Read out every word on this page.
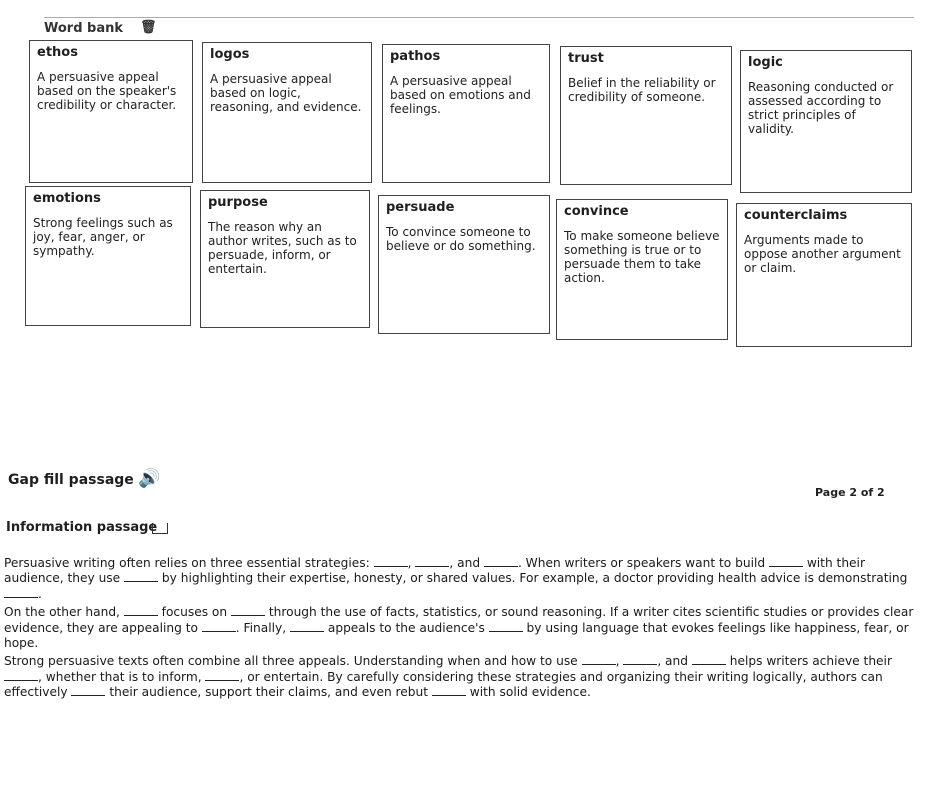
Word bank 🗑
ethos
A persuasive appeal based on the speaker's credibility or character.
logos
A persuasive appeal based on logic, reasoning, and evidence.
pathos
A persuasive appeal based on emotions and feelings.
trust
Belief in the reliability or credibility of someone.
logic
Reasoning conducted or assessed according to strict principles of validity.
emotions
Strong feelings such as joy, fear, anger, or sympathy.
purpose
The reason why an author writes, such as to persuade, inform, or entertain.
persuade
To convince someone to believe or do something.
convince
To make someone believe something is true or to persuade them to take action.
counterclaims
Arguments made to oppose another argument or claim.
Gap fill passage 🔊
Page 2 of 2
Information passage

Persuasive writing often relies on three essential strategies:	,	, and	. When writers or speakers want to build	with their audience, they use	by highlighting their expertise, honesty, or shared values. For example, a doctor providing health advice is demonstrating .

On the other hand,	focuses on	through the use of facts, statistics, or sound reasoning. If a writer cites scientific studies or provides clear evidence, they are appealing to	. Finally,	appeals to the audience's	by using language that evokes feelings like happiness, fear, or hope.

Strong persuasive texts often combine all three appeals. Understanding when and how to use	,	, and	helps writers achieve their , whether that is to inform,	, or entertain. By carefully considering these strategies and organizing their writing logically, authors can effectively	their audience, support their claims, and even rebut	with solid evidence.
